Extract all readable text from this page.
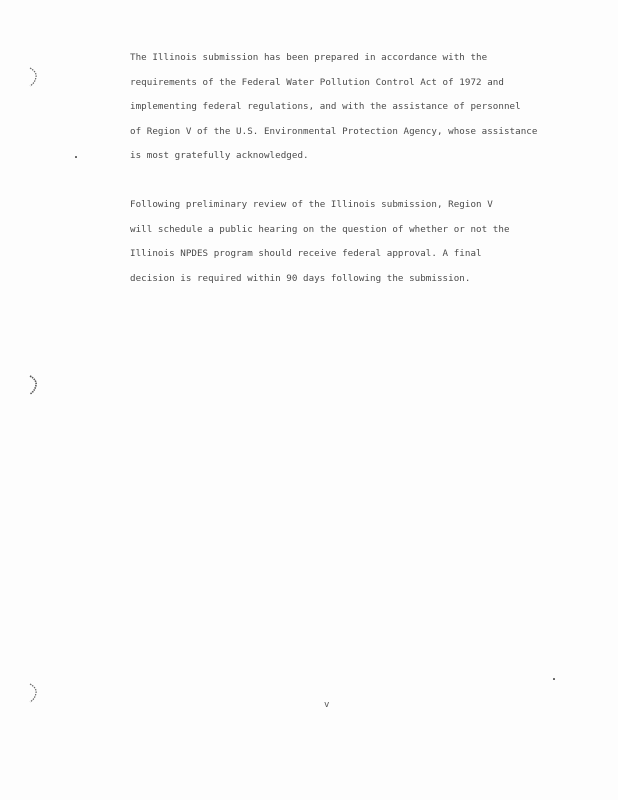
The Illinois submission has been prepared in accordance with the
requirements of the Federal Water Pollution Control Act of 1972 and
implementing federal regulations, and with the assistance of personnel
of Region V of the U.S. Environmental Protection Agency, whose assistance
is most gratefully acknowledged.
Following preliminary review of the Illinois submission, Region V
will schedule a public hearing on the question of whether or not the
Illinois NPDES program should receive federal approval. A final
decision is required within 90 days following the submission.
v
